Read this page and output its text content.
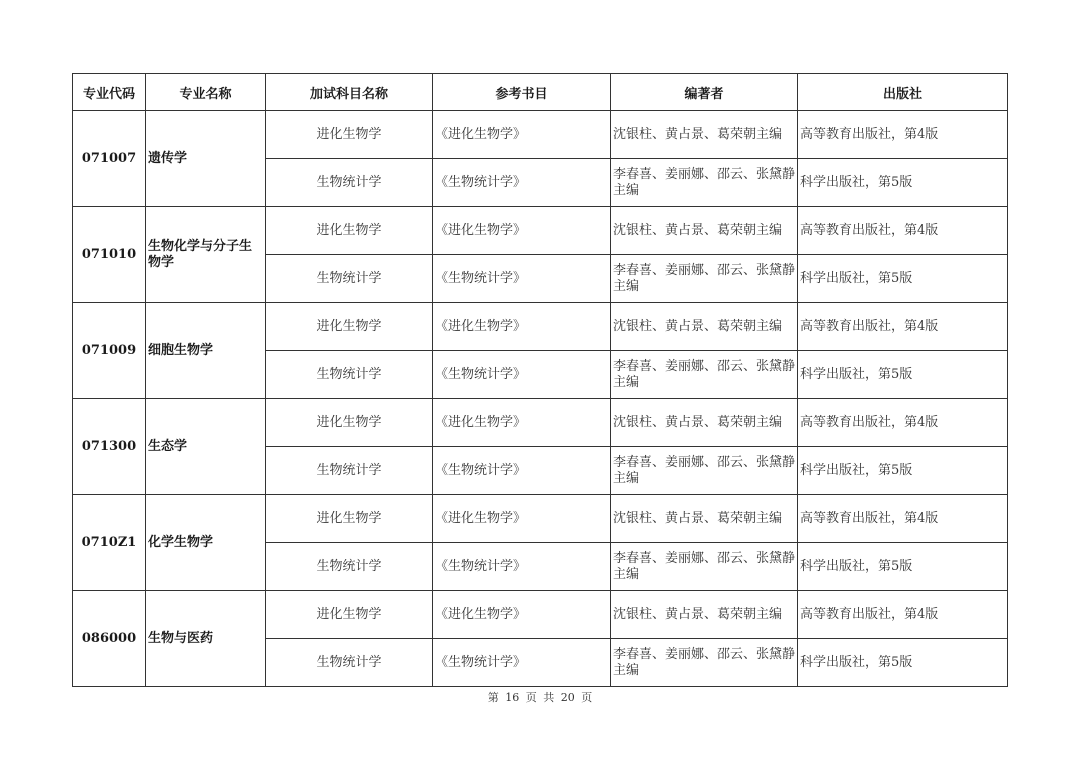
专业代码	专业名称	加试科目名称	参考书目	编著者	出版社
071007	遗传学	进化生物学	《进化生物学》	沈银柱、黄占景、葛荣朝主编	高等教育出版社，第4版
		生物统计学	《生物统计学》	李春喜、姜丽娜、邵云、张黛静主编	科学出版社，第5版
071010	生物化学与分子生物学	进化生物学	《进化生物学》	沈银柱、黄占景、葛荣朝主编	高等教育出版社，第4版
		生物统计学	《生物统计学》	李春喜、姜丽娜、邵云、张黛静主编	科学出版社，第5版
071009	细胞生物学	进化生物学	《进化生物学》	沈银柱、黄占景、葛荣朝主编	高等教育出版社，第4版
		生物统计学	《生物统计学》	李春喜、姜丽娜、邵云、张黛静主编	科学出版社，第5版
071300	生态学	进化生物学	《进化生物学》	沈银柱、黄占景、葛荣朝主编	高等教育出版社，第4版
		生物统计学	《生物统计学》	李春喜、姜丽娜、邵云、张黛静主编	科学出版社，第5版
0710Z1	化学生物学	进化生物学	《进化生物学》	沈银柱、黄占景、葛荣朝主编	高等教育出版社，第4版
		生物统计学	《生物统计学》	李春喜、姜丽娜、邵云、张黛静主编	科学出版社，第5版
086000	生物与医药	进化生物学	《进化生物学》	沈银柱、黄占景、葛荣朝主编	高等教育出版社，第4版
		生物统计学	《生物统计学》	李春喜、姜丽娜、邵云、张黛静主编	科学出版社，第5版
第 16 页 共 20 页
